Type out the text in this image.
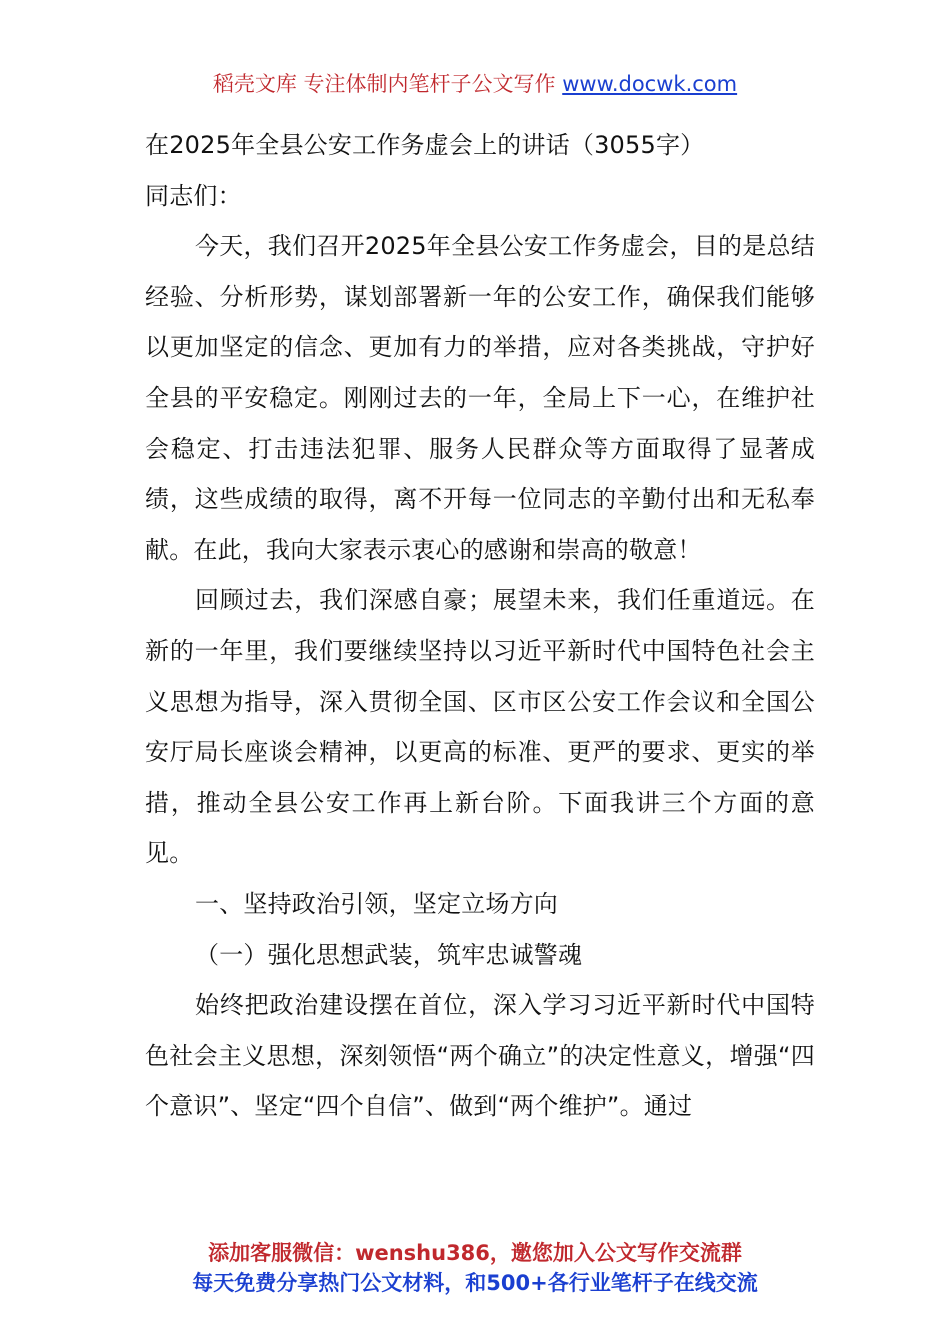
稻壳文库 专注体制内笔杆子公文写作 www.docwk.com

在2025年全县公安工作务虚会上的讲话（3055字）

同志们：

今天，我们召开2025年全县公安工作务虚会，目的是总结经验、分析形势，谋划部署新一年的公安工作，确保我们能够以更加坚定的信念、更加有力的举措，应对各类挑战，守护好全县的平安稳定。刚刚过去的一年，全局上下一心，在维护社会稳定、打击违法犯罪、服务人民群众等方面取得了显著成绩，这些成绩的取得，离不开每一位同志的辛勤付出和无私奉献。在此，我向大家表示衷心的感谢和崇高的敬意！

回顾过去，我们深感自豪；展望未来，我们任重道远。在新的一年里，我们要继续坚持以习近平新时代中国特色社会主义思想为指导，深入贯彻全国、区市区公安工作会议和全国公安厅局长座谈会精神，以更高的标准、更严的要求、更实的举措，推动全县公安工作再上新台阶。下面我讲三个方面的意见。

一、坚持政治引领，坚定立场方向

（一）强化思想武装，筑牢忠诚警魂

始终把政治建设摆在首位，深入学习习近平新时代中国特色社会主义思想，深刻领悟“两个确立”的决定性意义，增强“四个意识”、坚定“四个自信”、做到“两个维护”。通过

添加客服微信：wenshu386，邀您加入公文写作交流群
每天免费分享热门公文材料，和500+各行业笔杆子在线交流
